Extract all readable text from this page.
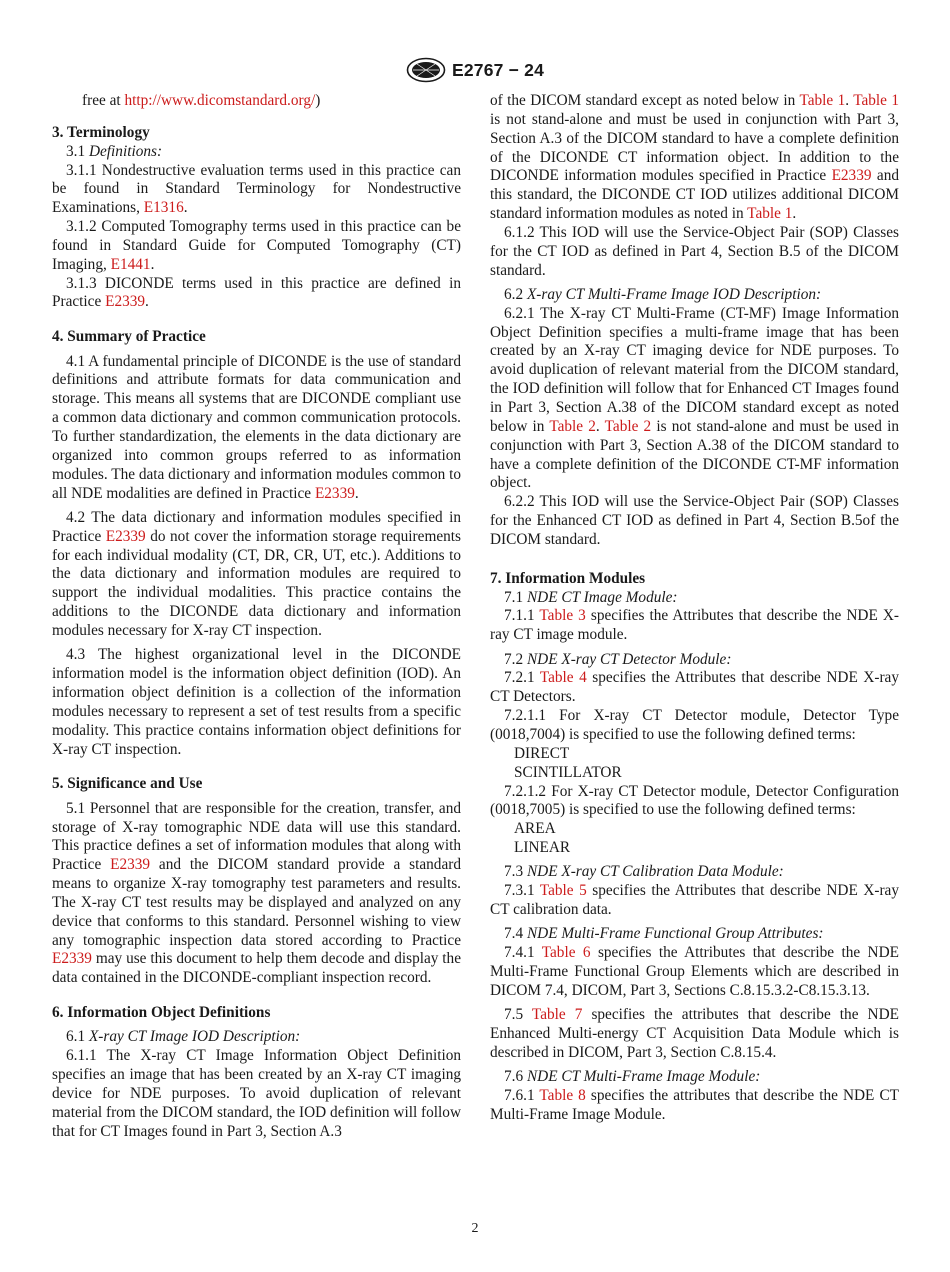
E2767 − 24

free at http://www.dicomstandard.org/)

3. Terminology

3.1 Definitions:

3.1.1 Nondestructive evaluation terms used in this practice can be found in Standard Terminology for Nondestructive Examinations, E1316.

3.1.2 Computed Tomography terms used in this practice can be found in Standard Guide for Computed Tomography (CT) Imaging, E1441.

3.1.3 DICONDE terms used in this practice are defined in Practice E2339.

4. Summary of Practice

4.1 A fundamental principle of DICONDE is the use of standard definitions and attribute formats for data communication and storage. This means all systems that are DICONDE compliant use a common data dictionary and common communication protocols. To further standardization, the elements in the data dictionary are organized into common groups referred to as information modules. The data dictionary and information modules common to all NDE modalities are defined in Practice E2339.

4.2 The data dictionary and information modules specified in Practice E2339 do not cover the information storage requirements for each individual modality (CT, DR, CR, UT, etc.). Additions to the data dictionary and information modules are required to support the individual modalities. This practice contains the additions to the DICONDE data dictionary and information modules necessary for X-ray CT inspection.

4.3 The highest organizational level in the DICONDE information model is the information object definition (IOD). An information object definition is a collection of the information modules necessary to represent a set of test results from a specific modality. This practice contains information object definitions for X-ray CT inspection.

5. Significance and Use

5.1 Personnel that are responsible for the creation, transfer, and storage of X-ray tomographic NDE data will use this standard. This practice defines a set of information modules that along with Practice E2339 and the DICOM standard provide a standard means to organize X-ray tomography test parameters and results. The X-ray CT test results may be displayed and analyzed on any device that conforms to this standard. Personnel wishing to view any tomographic inspection data stored according to Practice E2339 may use this document to help them decode and display the data contained in the DICONDE-compliant inspection record.

6. Information Object Definitions

6.1 X-ray CT Image IOD Description:

6.1.1 The X-ray CT Image Information Object Definition specifies an image that has been created by an X-ray CT imaging device for NDE purposes. To avoid duplication of relevant material from the DICOM standard, the IOD definition will follow that for CT Images found in Part 3, Section A.3

of the DICOM standard except as noted below in Table 1. Table 1 is not stand-alone and must be used in conjunction with Part 3, Section A.3 of the DICOM standard to have a complete definition of the DICONDE CT information object. In addition to the DICONDE information modules specified in Practice E2339 and this standard, the DICONDE CT IOD utilizes additional DICOM standard information modules as noted in Table 1.

6.1.2 This IOD will use the Service-Object Pair (SOP) Classes for the CT IOD as defined in Part 4, Section B.5 of the DICOM standard.

6.2 X-ray CT Multi-Frame Image IOD Description:

6.2.1 The X-ray CT Multi-Frame (CT-MF) Image Information Object Definition specifies a multi-frame image that has been created by an X-ray CT imaging device for NDE purposes. To avoid duplication of relevant material from the DICOM standard, the IOD definition will follow that for Enhanced CT Images found in Part 3, Section A.38 of the DICOM standard except as noted below in Table 2. Table 2 is not stand-alone and must be used in conjunction with Part 3, Section A.38 of the DICOM standard to have a complete definition of the DICONDE CT-MF information object.

6.2.2 This IOD will use the Service-Object Pair (SOP) Classes for the Enhanced CT IOD as defined in Part 4, Section B.5of the DICOM standard.

7. Information Modules

7.1 NDE CT Image Module:

7.1.1 Table 3 specifies the Attributes that describe the NDE X-ray CT image module.

7.2 NDE X-ray CT Detector Module:

7.2.1 Table 4 specifies the Attributes that describe NDE X-ray CT Detectors.

7.2.1.1 For X-ray CT Detector module, Detector Type (0018,7004) is specified to use the following defined terms:

DIRECT

SCINTILLATOR

7.2.1.2 For X-ray CT Detector module, Detector Configuration (0018,7005) is specified to use the following defined terms:

AREA

LINEAR

7.3 NDE X-ray CT Calibration Data Module:

7.3.1 Table 5 specifies the Attributes that describe NDE X-ray CT calibration data.

7.4 NDE Multi-Frame Functional Group Attributes:

7.4.1 Table 6 specifies the Attributes that describe the NDE Multi-Frame Functional Group Elements which are described in DICOM 7.4, DICOM, Part 3, Sections C.8.15.3.2-C8.15.3.13.

7.5 Table 7 specifies the attributes that describe the NDE Enhanced Multi-energy CT Acquisition Data Module which is described in DICOM, Part 3, Section C.8.15.4.

7.6 NDE CT Multi-Frame Image Module:

7.6.1 Table 8 specifies the attributes that describe the NDE CT Multi-Frame Image Module.

2
